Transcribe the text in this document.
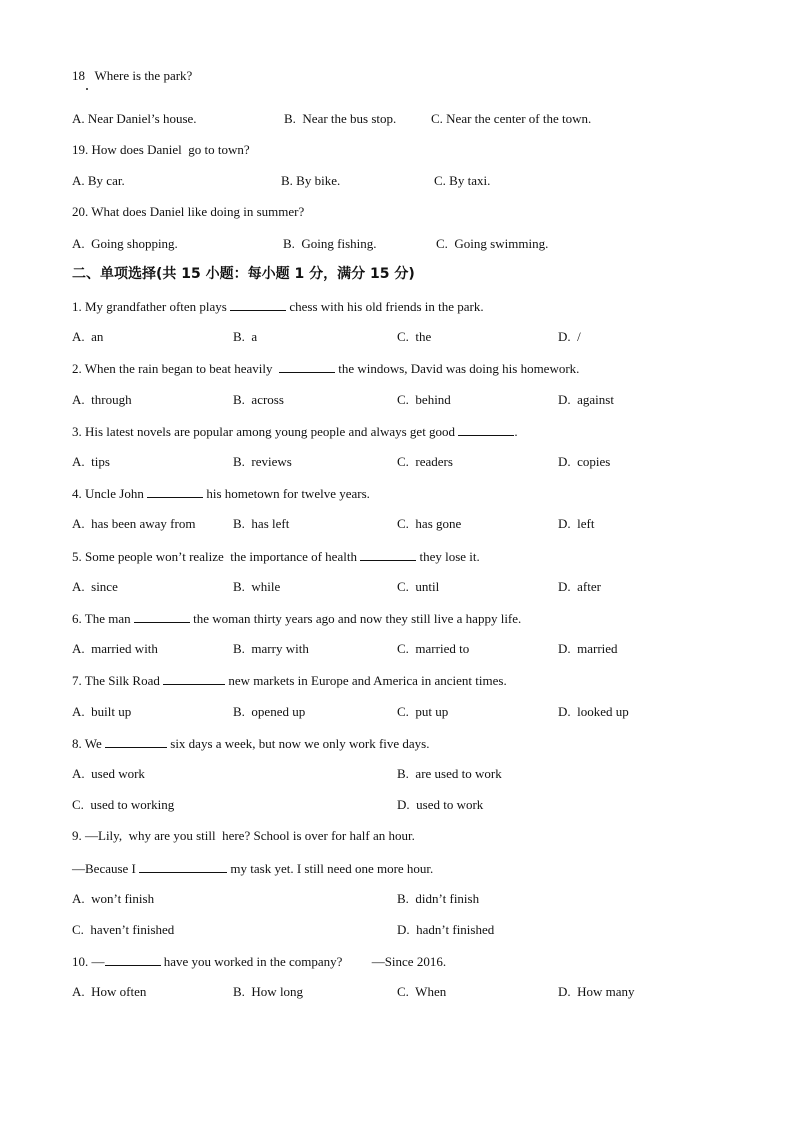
18   Where is the park?
A. Near Daniel’s house.	B.  Near the bus stop.	C. Near the center of the town.
19. How does Daniel  go to town?
A. By car.	B. By bike.	C. By taxi.
20. What does Daniel like doing in summer?
A.  Going shopping.	B.  Going fishing.	C.  Going swimming.
二、单项选择(共 15 小题：每小题 1 分，满分 15 分)
1. My grandfather often plays	chess with his old friends in the park.
A.  an	B.  a	C.  the	D.  /
2. When the rain began to beat heavily	the windows, David was doing his homework.
A.  through	B.  across	C.  behind	D.  against
3. His latest novels are popular among young people and always get good	.
A.  tips	B.  reviews	C.  readers	D.  copies
4. Uncle John	his hometown for twelve years.
A.  has been away from	B.  has left	C.  has gone	D.  left
5. Some people won’t realize  the importance of health	they lose it.
A.  since	B.  while	C.  until	D.  after
6. The man	the woman thirty years ago and now they still live a happy life.
A.  married with	B.  marry with	C.  married to	D.  married
7. The Silk Road	new markets in Europe and America in ancient times.
A.  built up	B.  opened up	C.  put up	D.  looked up
8. We	six days a week, but now we only work five days.
A.  used work	B.  are used to work
C.  used to working	D.  used to work
9. —Lily,  why are you still  here? School is over for half an hour.
—Because I	my task yet. I still need one more hour.
A.  won’t finish	B.  didn’t finish
C.  haven’t finished	D.  hadn’t finished
10. —	have you worked in the company?         —Since 2016.
A.  How often	B.  How long	C.  When	D.  How many
